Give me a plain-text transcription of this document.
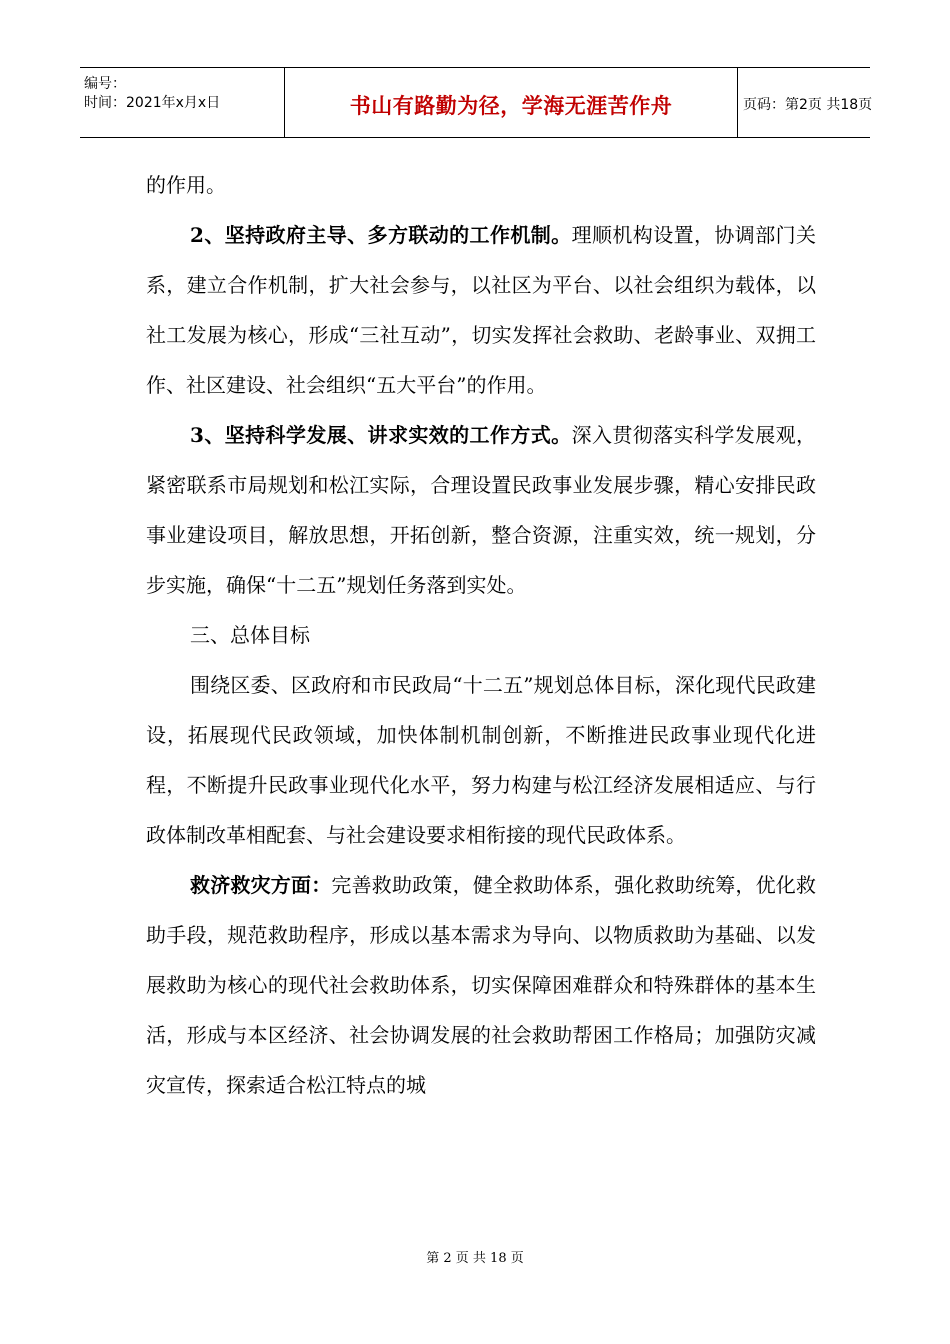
编号：
时间：2021年x月x日	书山有路勤为径，学海无涯苦作舟	页码：第2页 共18页

的作用。

2、坚持政府主导、多方联动的工作机制。理顺机构设置，协调部门关系，建立合作机制，扩大社会参与，以社区为平台、以社会组织为载体，以社工发展为核心，形成“三社互动”，切实发挥社会救助、老龄事业、双拥工作、社区建设、社会组织“五大平台”的作用。

3、坚持科学发展、讲求实效的工作方式。深入贯彻落实科学发展观，紧密联系市局规划和松江实际，合理设置民政事业发展步骤，精心安排民政事业建设项目，解放思想，开拓创新，整合资源，注重实效，统一规划，分步实施，确保“十二五”规划任务落到实处。

三、总体目标

围绕区委、区政府和市民政局“十二五”规划总体目标，深化现代民政建设，拓展现代民政领域，加快体制机制创新，不断推进民政事业现代化进程，不断提升民政事业现代化水平，努力构建与松江经济发展相适应、与行政体制改革相配套、与社会建设要求相衔接的现代民政体系。

救济救灾方面：完善救助政策，健全救助体系，强化救助统筹，优化救助手段，规范救助程序，形成以基本需求为导向、以物质救助为基础、以发展救助为核心的现代社会救助体系，切实保障困难群众和特殊群体的基本生活，形成与本区经济、社会协调发展的社会救助帮困工作格局；加强防灾减灾宣传，探索适合松江特点的城

第 2 页 共 18 页
